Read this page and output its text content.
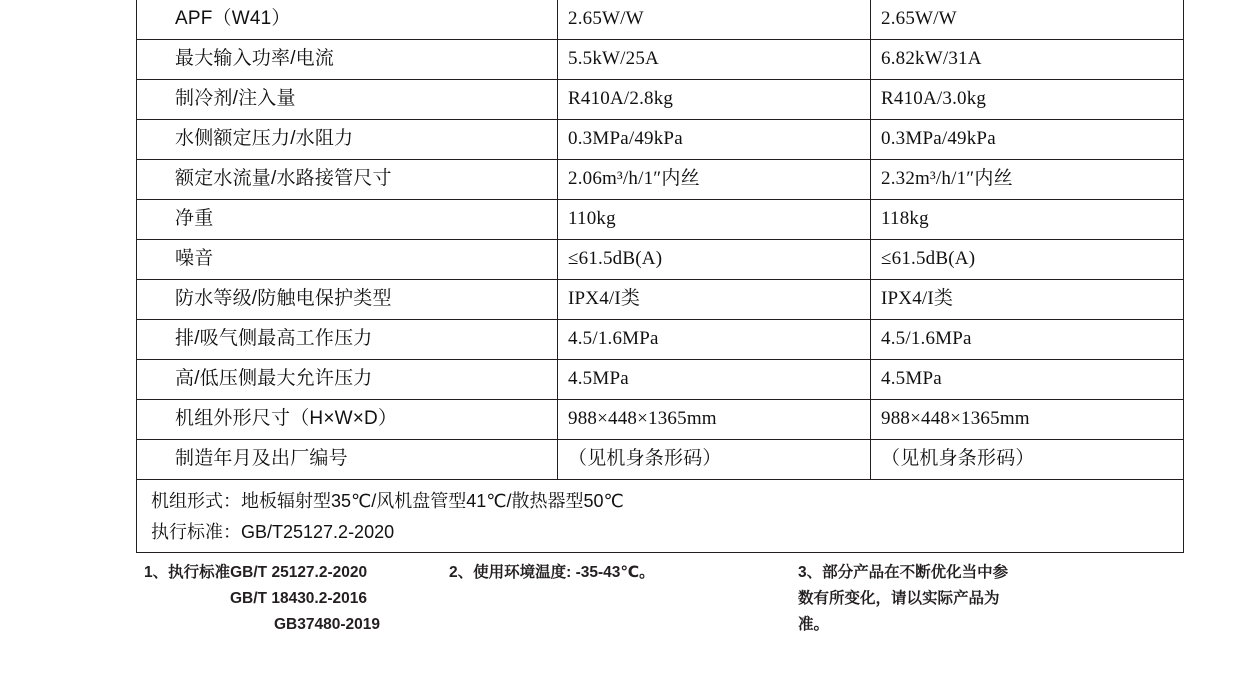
APF（W41）	2.65W/W	2.65W/W
最大输入功率/电流	5.5kW/25A	6.82kW/31A
制冷剂/注入量	R410A/2.8kg	R410A/3.0kg
水侧额定压力/水阻力	0.3MPa/49kPa	0.3MPa/49kPa
额定水流量/水路接管尺寸	2.06m³/h/1″内丝	2.32m³/h/1″内丝
净重	110kg	118kg
噪音	≤61.5dB(A)	≤61.5dB(A)
防水等级/防触电保护类型	IPX4/I类	IPX4/I类
排/吸气侧最高工作压力	4.5/1.6MPa	4.5/1.6MPa
高/低压侧最大允许压力	4.5MPa	4.5MPa
机组外形尺寸（H×W×D）	988×448×1365mm	988×448×1365mm
制造年月及出厂编号	（见机身条形码）	（见机身条形码）

机组形式：地板辐射型35℃/风机盘管型41℃/散热器型50℃
执行标准：GB/T25127.2-2020		
1、执行标准GB/T 25127.2-2020
GB/T 18430.2-2016
GB37480-2019
2、使用环境温度: -35-43℃。	3、部分产品在不断优化当中参
数有所变化，请以实际产品为
准。
